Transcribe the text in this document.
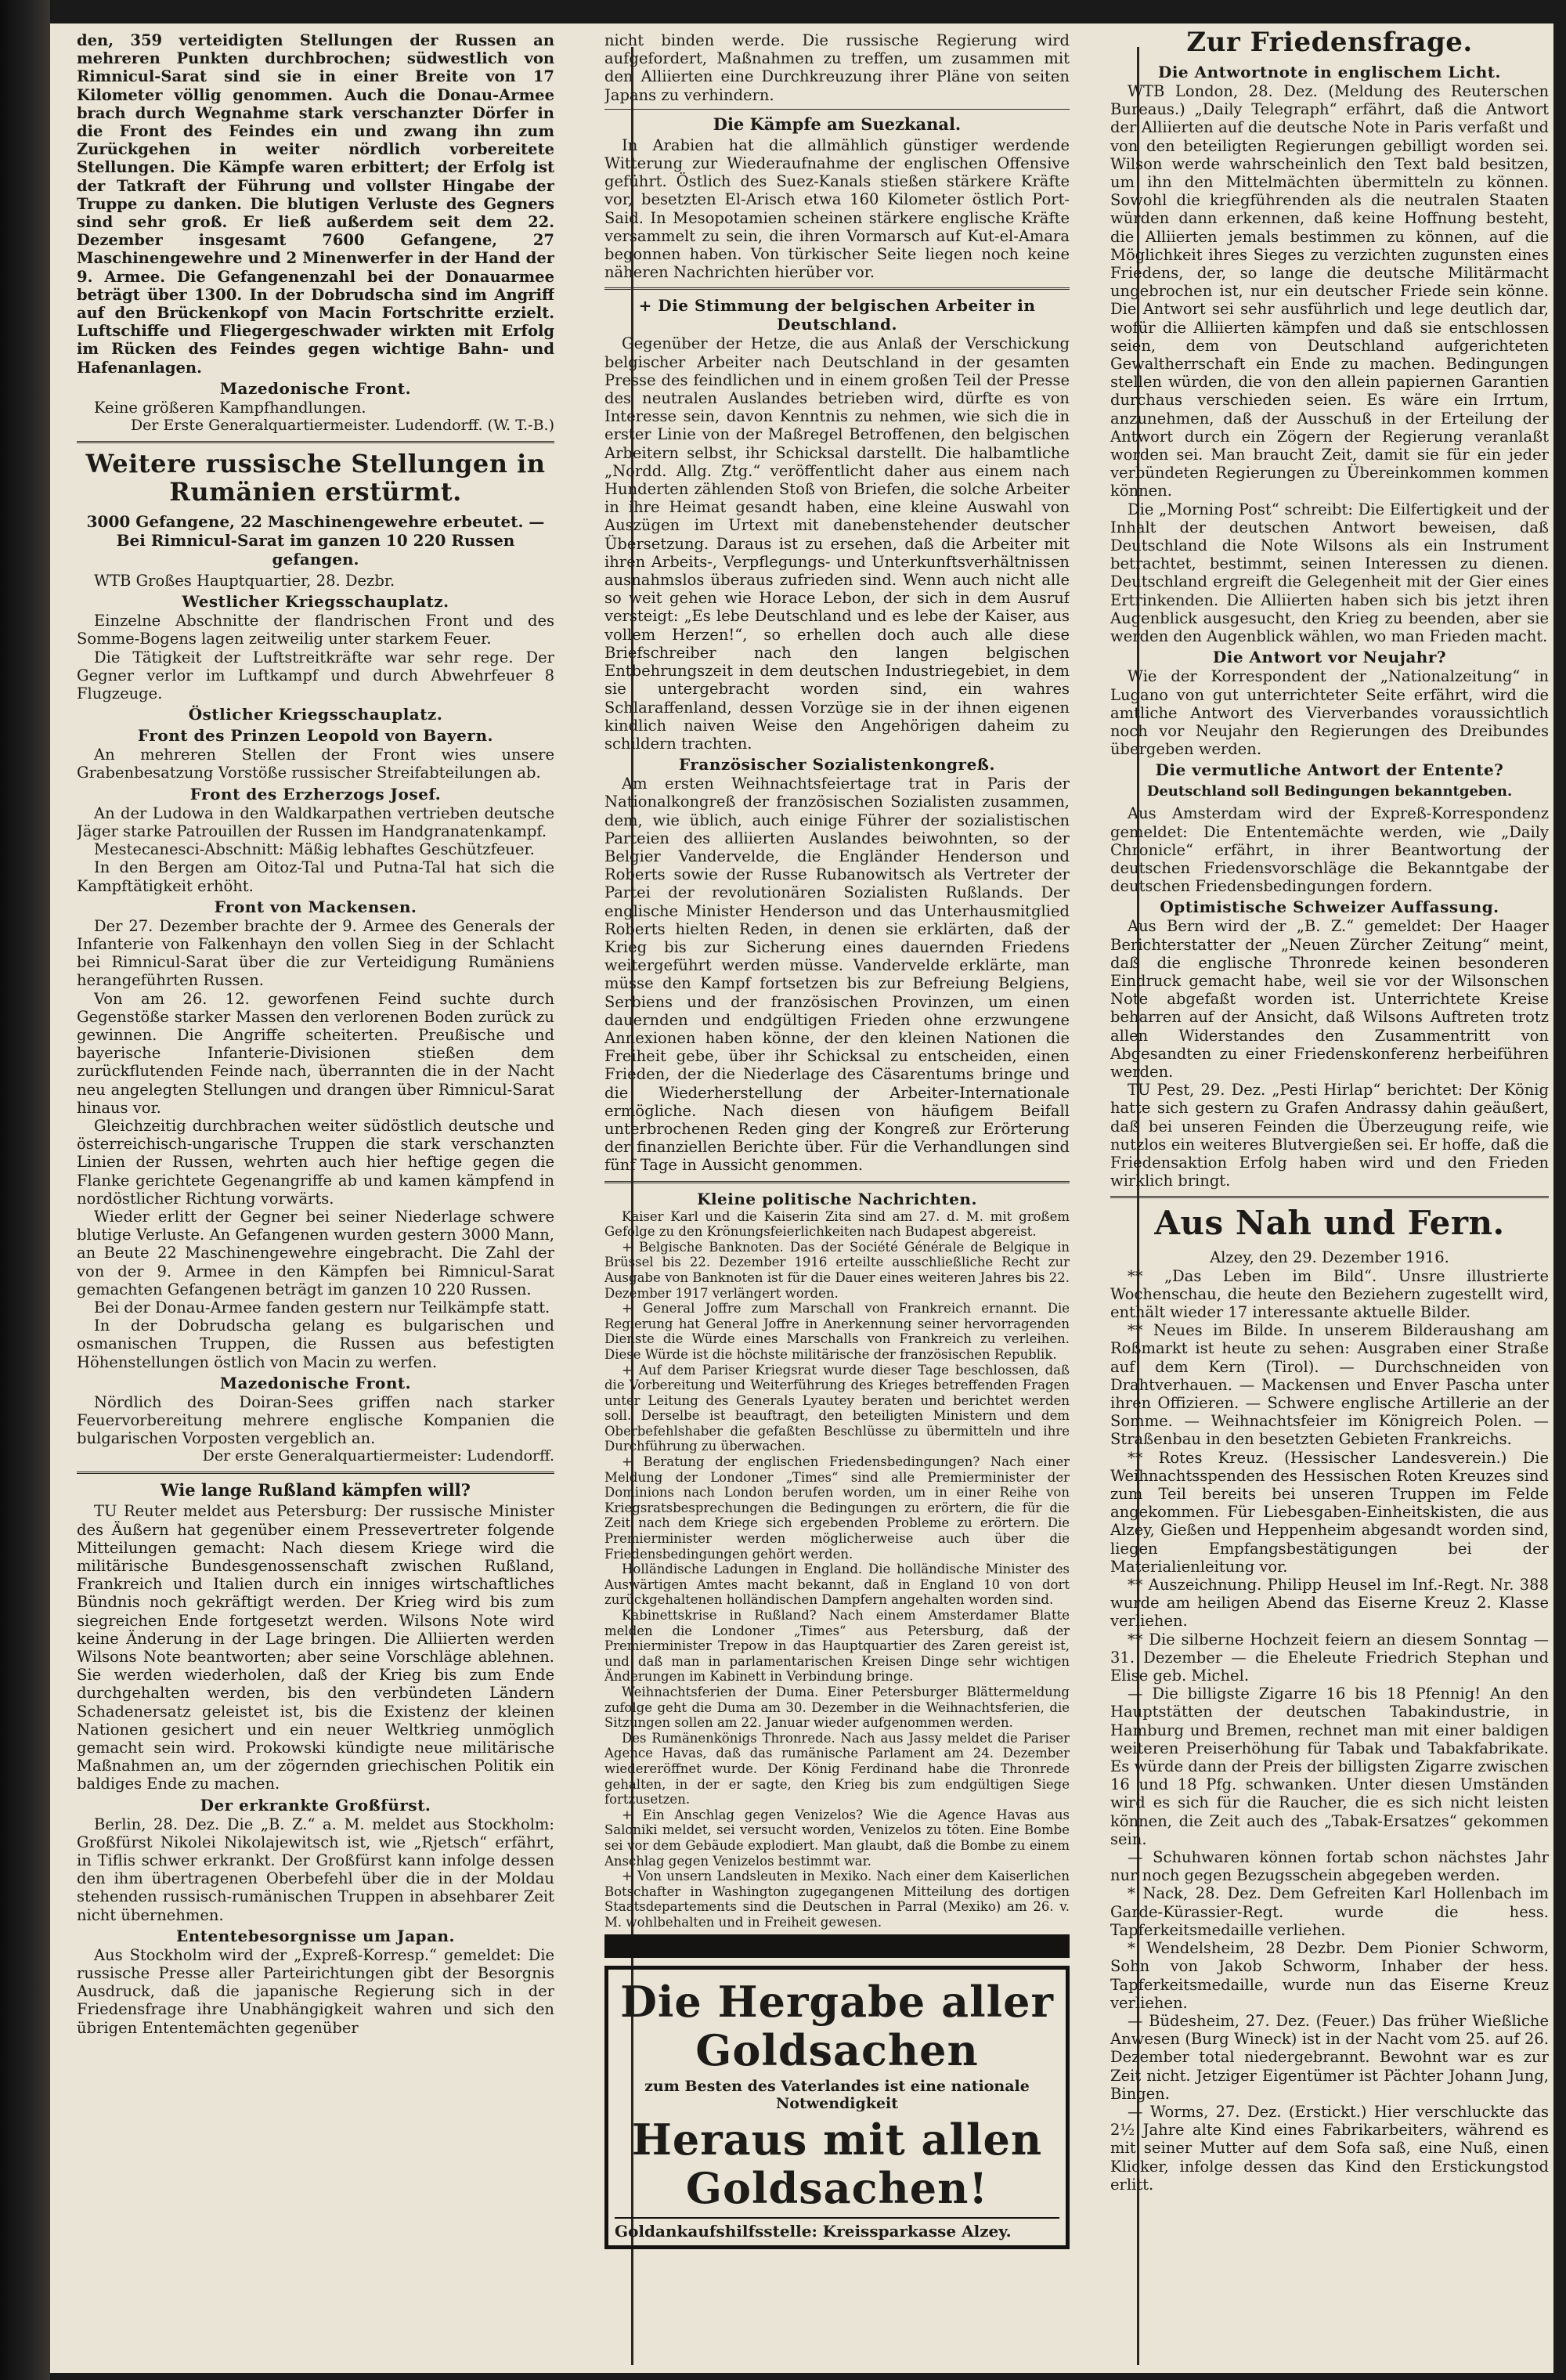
den, 359 verteidigten Stellungen der Russen an mehreren Punkten durchbrochen; südwestlich von Rimnicul-Sarat sind sie in einer Breite von 17 Kilometer völlig genommen. Auch die Donau-Armee brach durch Wegnahme stark verschanzter Dörfer in die Front des Feindes ein und zwang ihn zum Zurückgehen in weiter nördlich vorbereitete Stellungen. Die Kämpfe waren erbittert; der Erfolg ist der Tatkraft der Führung und vollster Hingabe der Truppe zu danken. Die blutigen Verluste des Gegners sind sehr groß. Er ließ außerdem seit dem 22. Dezember insgesamt 7600 Gefangene, 27 Maschinengewehre und 2 Minenwerfer in der Hand der 9. Armee. Die Gefangenenzahl bei der Donauarmee beträgt über 1300. In der Dobrudscha sind im Angriff auf den Brückenkopf von Macin Fortschritte erzielt. Luftschiffe und Fliegergeschwader wirkten mit Erfolg im Rücken des Feindes gegen wichtige Bahn- und Hafenanlagen.

Mazedonische Front.

Keine größeren Kampfhandlungen.

Der Erste Generalquartiermeister. Ludendorff. (W. T.-B.)

Weitere russische Stellungen in Rumänien erstürmt.
3000 Gefangene, 22 Maschinengewehre erbeutet. — Bei Rimnicul-Sarat im ganzen 10 220 Russen gefangen.

WTB Großes Hauptquartier, 28. Dezbr.

Westlicher Kriegsschauplatz.

Einzelne Abschnitte der flandrischen Front und des Somme-Bogens lagen zeitweilig unter starkem Feuer.

Die Tätigkeit der Luftstreitkräfte war sehr rege. Der Gegner verlor im Luftkampf und durch Abwehrfeuer 8 Flugzeuge.

Östlicher Kriegsschauplatz.
Front des Prinzen Leopold von Bayern.

An mehreren Stellen der Front wies unsere Grabenbesatzung Vorstöße russischer Streifabteilungen ab.

Front des Erzherzogs Josef.

An der Ludowa in den Waldkarpathen vertrieben deutsche Jäger starke Patrouillen der Russen im Handgranatenkampf.

Mestecanesci-Abschnitt: Mäßig lebhaftes Geschützfeuer.

In den Bergen am Oitoz-Tal und Putna-Tal hat sich die Kampftätigkeit erhöht.

Front von Mackensen.

Der 27. Dezember brachte der 9. Armee des Generals der Infanterie von Falkenhayn den vollen Sieg in der Schlacht bei Rimnicul-Sarat über die zur Verteidigung Rumäniens herangeführten Russen.

Von am 26. 12. geworfenen Feind suchte durch Gegenstöße starker Massen den verlorenen Boden zurück zu gewinnen. Die Angriffe scheiterten. Preußische und bayerische Infanterie-Divisionen stießen dem zurückflutenden Feinde nach, überrannten die in der Nacht neu angelegten Stellungen und drangen über Rimnicul-Sarat hinaus vor.

Gleichzeitig durchbrachen weiter südöstlich deutsche und österreichisch-ungarische Truppen die stark verschanzten Linien der Russen, wehrten auch hier heftige gegen die Flanke gerichtete Gegenangriffe ab und kamen kämpfend in nordöstlicher Richtung vorwärts.

Wieder erlitt der Gegner bei seiner Niederlage schwere blutige Verluste. An Gefangenen wurden gestern 3000 Mann, an Beute 22 Maschinengewehre eingebracht. Die Zahl der von der 9. Armee in den Kämpfen bei Rimnicul-Sarat gemachten Gefangenen beträgt im ganzen 10 220 Russen.

Bei der Donau-Armee fanden gestern nur Teilkämpfe statt.

In der Dobrudscha gelang es bulgarischen und osmanischen Truppen, die Russen aus befestigten Höhenstellungen östlich von Macin zu werfen.

Mazedonische Front.

Nördlich des Doiran-Sees griffen nach starker Feuervorbereitung mehrere englische Kompanien die bulgarischen Vorposten vergeblich an.

Der erste Generalquartiermeister: Ludendorff.

Wie lange Rußland kämpfen will?

TU Reuter meldet aus Petersburg: Der russische Minister des Äußern hat gegenüber einem Pressevertreter folgende Mitteilungen gemacht: Nach diesem Kriege wird die militärische Bundesgenossenschaft zwischen Rußland, Frankreich und Italien durch ein inniges wirtschaftliches Bündnis noch gekräftigt werden. Der Krieg wird bis zum siegreichen Ende fortgesetzt werden. Wilsons Note wird keine Änderung in der Lage bringen. Die Alliierten werden Wilsons Note beantworten; aber seine Vorschläge ablehnen. Sie werden wiederholen, daß der Krieg bis zum Ende durchgehalten werden, bis den verbündeten Ländern Schadenersatz geleistet ist, bis die Existenz der kleinen Nationen gesichert und ein neuer Weltkrieg unmöglich gemacht sein wird. Prokowski kündigte neue militärische Maßnahmen an, um der zögernden griechischen Politik ein baldiges Ende zu machen.

Der erkrankte Großfürst.

Berlin, 28. Dez. Die „B. Z.“ a. M. meldet aus Stockholm: Großfürst Nikolei Nikolajewitsch ist, wie „Rjetsch“ erfährt, in Tiflis schwer erkrankt. Der Großfürst kann infolge dessen den ihm übertragenen Oberbefehl über die in der Moldau stehenden russisch-rumänischen Truppen in absehbarer Zeit nicht übernehmen.

Ententebesorgnisse um Japan.

Aus Stockholm wird der „Expreß-Korresp.“ gemeldet: Die russische Presse aller Parteirichtungen gibt der Besorgnis Ausdruck, daß die japanische Regierung sich in der Friedensfrage ihre Unabhängigkeit wahren und sich den übrigen Ententemächten gegenüber

nicht binden werde. Die russische Regierung wird aufgefordert, Maßnahmen zu treffen, um zusammen mit den Alliierten eine Durchkreuzung ihrer Pläne von seiten Japans zu verhindern.

Die Kämpfe am Suezkanal.

In Arabien hat die allmählich günstiger werdende Witterung zur Wiederaufnahme der englischen Offensive geführt. Östlich des Suez-Kanals stießen stärkere Kräfte vor, besetzten El-Arisch etwa 160 Kilometer östlich Port-Said. In Mesopotamien scheinen stärkere englische Kräfte versammelt zu sein, die ihren Vormarsch auf Kut-el-Amara begonnen haben. Von türkischer Seite liegen noch keine näheren Nachrichten hierüber vor.

+ Die Stimmung der belgischen Arbeiter in Deutschland.

Gegenüber der Hetze, die aus Anlaß der Verschickung belgischer Arbeiter nach Deutschland in der gesamten Presse des feindlichen und in einem großen Teil der Presse des neutralen Auslandes betrieben wird, dürfte es von Interesse sein, davon Kenntnis zu nehmen, wie sich die in erster Linie von der Maßregel Betroffenen, den belgischen Arbeitern selbst, ihr Schicksal darstellt. Die halbamtliche „Nordd. Allg. Ztg.“ veröffentlicht daher aus einem nach Hunderten zählenden Stoß von Briefen, die solche Arbeiter in ihre Heimat gesandt haben, eine kleine Auswahl von Auszügen im Urtext mit danebenstehender deutscher Übersetzung. Daraus ist zu ersehen, daß die Arbeiter mit ihren Arbeits-, Verpflegungs- und Unterkunftsverhältnissen ausnahmslos überaus zufrieden sind. Wenn auch nicht alle so weit gehen wie Horace Lebon, der sich in dem Ausruf versteigt: „Es lebe Deutschland und es lebe der Kaiser, aus vollem Herzen!“, so erhellen doch auch alle diese Briefschreiber nach den langen belgischen Entbehrungszeit in dem deutschen Industriegebiet, in dem sie untergebracht worden sind, ein wahres Schlaraffenland, dessen Vorzüge sie in der ihnen eigenen kindlich naiven Weise den Angehörigen daheim zu schildern trachten.

Französischer Sozialistenkongreß.

Am ersten Weihnachtsfeiertage trat in Paris der Nationalkongreß der französischen Sozialisten zusammen, dem, wie üblich, auch einige Führer der sozialistischen Parteien des alliierten Auslandes beiwohnten, so der Belgier Vandervelde, die Engländer Henderson und Roberts sowie der Russe Rubanowitsch als Vertreter der Partei der revolutionären Sozialisten Rußlands. Der englische Minister Henderson und das Unterhausmitglied Roberts hielten Reden, in denen sie erklärten, daß der Krieg bis zur Sicherung eines dauernden Friedens weitergeführt werden müsse. Vandervelde erklärte, man müsse den Kampf fortsetzen bis zur Befreiung Belgiens, Serbiens und der französischen Provinzen, um einen dauernden und endgültigen Frieden ohne erzwungene Annexionen haben könne, der den kleinen Nationen die Freiheit gebe, über ihr Schicksal zu entscheiden, einen Frieden, der die Niederlage des Cäsarentums bringe und die Wiederherstellung der Arbeiter-Internationale ermögliche. Nach diesen von häufigem Beifall unterbrochenen Reden ging der Kongreß zur Erörterung der finanziellen Berichte über. Für die Verhandlungen sind fünf Tage in Aussicht genommen.

Kleine politische Nachrichten.

Kaiser Karl und die Kaiserin Zita sind am 27. d. M. mit großem Gefolge zu den Krönungsfeierlichkeiten nach Budapest abgereist.

+ Belgische Banknoten. Das der Société Générale de Belgique in Brüssel bis 22. Dezember 1916 erteilte ausschließliche Recht zur Ausgabe von Banknoten ist für die Dauer eines weiteren Jahres bis 22. Dezember 1917 verlängert worden.

+ General Joffre zum Marschall von Frankreich ernannt. Die Regierung hat General Joffre in Anerkennung seiner hervorragenden Dienste die Würde eines Marschalls von Frankreich zu verleihen. Diese Würde ist die höchste militärische der französischen Republik.

+ Auf dem Pariser Kriegsrat wurde dieser Tage beschlossen, daß die Vorbereitung und Weiterführung des Krieges betreffenden Fragen unter Leitung des Generals Lyautey beraten und berichtet werden soll. Derselbe ist beauftragt, den beteiligten Ministern und dem Oberbefehlshaber die gefaßten Beschlüsse zu übermitteln und ihre Durchführung zu überwachen.

+ Beratung der englischen Friedensbedingungen? Nach einer Meldung der Londoner „Times“ sind alle Premierminister der Dominions nach London berufen worden, um in einer Reihe von Kriegsratsbesprechungen die Bedingungen zu erörtern, die für die Zeit nach dem Kriege sich ergebenden Probleme zu erörtern. Die Premierminister werden möglicherweise auch über die Friedensbedingungen gehört werden.

Holländische Ladungen in England. Die holländische Minister des Auswärtigen Amtes macht bekannt, daß in England 10 von dort zurückgehaltenen holländischen Dampfern angehalten worden sind.

Kabinettskrise in Rußland? Nach einem Amsterdamer Blatte melden die Londoner „Times“ aus Petersburg, daß der Premierminister Trepow in das Hauptquartier des Zaren gereist ist, und daß man in parlamentarischen Kreisen Dinge sehr wichtigen Änderungen im Kabinett in Verbindung bringe.

Weihnachtsferien der Duma. Einer Petersburger Blättermeldung zufolge geht die Duma am 30. Dezember in die Weihnachtsferien, die Sitzungen sollen am 22. Januar wieder aufgenommen werden.

Des Rumänenkönigs Thronrede. Nach aus Jassy meldet die Pariser Agence Havas, daß das rumänische Parlament am 24. Dezember wiedereröffnet wurde. Der König Ferdinand habe die Thronrede gehalten, in der er sagte, den Krieg bis zum endgültigen Siege fortzusetzen.

+ Ein Anschlag gegen Venizelos? Wie die Agence Havas aus Saloniki meldet, sei versucht worden, Venizelos zu töten. Eine Bombe sei vor dem Gebäude explodiert. Man glaubt, daß die Bombe zu einem Anschlag gegen Venizelos bestimmt war.

+ Von unsern Landsleuten in Mexiko. Nach einer dem Kaiserlichen Botschafter in Washington zugegangenen Mitteilung des dortigen Staatsdepartements sind die Deutschen in Parral (Mexiko) am 26. v. M. wohlbehalten und in Freiheit gewesen.

Die Hergabe aller Goldsachen
zum Besten des Vaterlandes ist eine nationale Notwendigkeit
Heraus mit allen Goldsachen!
Goldankaufshilfsstelle: Kreissparkasse Alzey.
Zur Friedensfrage.
Die Antwortnote in englischem Licht.

WTB London, 28. Dez. (Meldung des Reuterschen Bureaus.) „Daily Telegraph“ erfährt, daß die Antwort der Alliierten auf die deutsche Note in Paris verfaßt und von den beteiligten Regierungen gebilligt worden sei. Wilson werde wahrscheinlich den Text bald besitzen, um ihn den Mittelmächten übermitteln zu können. Sowohl die kriegführenden als die neutralen Staaten würden dann erkennen, daß keine Hoffnung besteht, die Alliierten jemals bestimmen zu können, auf die Möglichkeit ihres Sieges zu verzichten zugunsten eines Friedens, der, so lange die deutsche Militärmacht ungebrochen ist, nur ein deutscher Friede sein könne. Die Antwort sei sehr ausführlich und lege deutlich dar, wofür die Alliierten kämpfen und daß sie entschlossen seien, dem von Deutschland aufgerichteten Gewaltherrschaft ein Ende zu machen. Bedingungen stellen würden, die von den allein papiernen Garantien durchaus verschieden seien. Es wäre ein Irrtum, anzunehmen, daß der Ausschuß in der Erteilung der Antwort durch ein Zögern der Regierung veranlaßt worden sei. Man braucht Zeit, damit sie für ein jeder verbündeten Regierungen zu Übereinkommen kommen können.

Die „Morning Post“ schreibt: Die Eilfertigkeit und der Inhalt der deutschen Antwort beweisen, daß Deutschland die Note Wilsons als ein Instrument betrachtet, bestimmt, seinen Interessen zu dienen. Deutschland ergreift die Gelegenheit mit der Gier eines Ertrinkenden. Die Alliierten haben sich bis jetzt ihren Augenblick ausgesucht, den Krieg zu beenden, aber sie werden den Augenblick wählen, wo man Frieden macht.

Die Antwort vor Neujahr?

Wie der Korrespondent der „Nationalzeitung“ in Lugano von gut unterrichteter Seite erfährt, wird die amtliche Antwort des Vierverbandes voraussichtlich noch vor Neujahr den Regierungen des Dreibundes übergeben werden.

Die vermutliche Antwort der Entente?
Deutschland soll Bedingungen bekanntgeben.

Aus Amsterdam wird der Expreß-Korrespondenz gemeldet: Die Ententemächte werden, wie „Daily Chronicle“ erfährt, in ihrer Beantwortung der deutschen Friedensvorschläge die Bekanntgabe der deutschen Friedensbedingungen fordern.

Optimistische Schweizer Auffassung.

Aus Bern wird der „B. Z.“ gemeldet: Der Haager Berichterstatter der „Neuen Zürcher Zeitung“ meint, daß die englische Thronrede keinen besonderen Eindruck gemacht habe, weil sie vor der Wilsonschen Note abgefaßt worden ist. Unterrichtete Kreise beharren auf der Ansicht, daß Wilsons Auftreten trotz allen Widerstandes den Zusammentritt von Abgesandten zu einer Friedenskonferenz herbeiführen werden.

TU Pest, 29. Dez. „Pesti Hirlap“ berichtet: Der König hatte sich gestern zu Grafen Andrassy dahin geäußert, daß bei unseren Feinden die Überzeugung reife, wie nutzlos ein weiteres Blutvergießen sei. Er hoffe, daß die Friedensaktion Erfolg haben wird und den Frieden wirklich bringt.

Aus Nah und Fern.

Alzey, den 29. Dezember 1916.

** „Das Leben im Bild“. Unsre illustrierte Wochenschau, die heute den Beziehern zugestellt wird, enthält wieder 17 interessante aktuelle Bilder.

** Neues im Bilde. In unserem Bilderaushang am Roßmarkt ist heute zu sehen: Ausgraben einer Straße auf dem Kern (Tirol). — Durchschneiden von Drahtverhauen. — Mackensen und Enver Pascha unter ihren Offizieren. — Schwere englische Artillerie an der Somme. — Weihnachtsfeier im Königreich Polen. — Straßenbau in den besetzten Gebieten Frankreichs.

** Rotes Kreuz. (Hessischer Landesverein.) Die Weihnachtsspenden des Hessischen Roten Kreuzes sind zum Teil bereits bei unseren Truppen im Felde angekommen. Für Liebesgaben-Einheitskisten, die aus Alzey, Gießen und Heppenheim abgesandt worden sind, liegen Empfangsbestätigungen bei der Materialienleitung vor.

** Auszeichnung. Philipp Heusel im Inf.-Regt. Nr. 388 wurde am heiligen Abend das Eiserne Kreuz 2. Klasse verliehen.

** Die silberne Hochzeit feiern an diesem Sonntag — 31. Dezember — die Eheleute Friedrich Stephan und Elise geb. Michel.

— Die billigste Zigarre 16 bis 18 Pfennig! An den Hauptstätten der deutschen Tabakindustrie, in Hamburg und Bremen, rechnet man mit einer baldigen weiteren Preiserhöhung für Tabak und Tabakfabrikate. Es würde dann der Preis der billigsten Zigarre zwischen 16 und 18 Pfg. schwanken. Unter diesen Umständen wird es sich für die Raucher, die es sich nicht leisten können, die Zeit auch des „Tabak-Ersatzes“ gekommen sein.

— Schuhwaren können fortab schon nächstes Jahr nur noch gegen Bezugsschein abgegeben werden.

* Nack, 28. Dez. Dem Gefreiten Karl Hollenbach im Garde-Kürassier-Regt. wurde die hess. Tapferkeitsmedaille verliehen.

* Wendelsheim, 28 Dezbr. Dem Pionier Schworm, Sohn von Jakob Schworm, Inhaber der hess. Tapferkeitsmedaille, wurde nun das Eiserne Kreuz verliehen.

— Büdesheim, 27. Dez. (Feuer.) Das früher Wießliche Anwesen (Burg Wineck) ist in der Nacht vom 25. auf 26. Dezember total niedergebrannt. Bewohnt war es zur Zeit nicht. Jetziger Eigentümer ist Pächter Johann Jung, Bingen.

— Worms, 27. Dez. (Erstickt.) Hier verschluckte das 2½ Jahre alte Kind eines Fabrikarbeiters, während es mit seiner Mutter auf dem Sofa saß, eine Nuß, einen Klicker, infolge dessen das Kind den Erstickungstod erlitt.
